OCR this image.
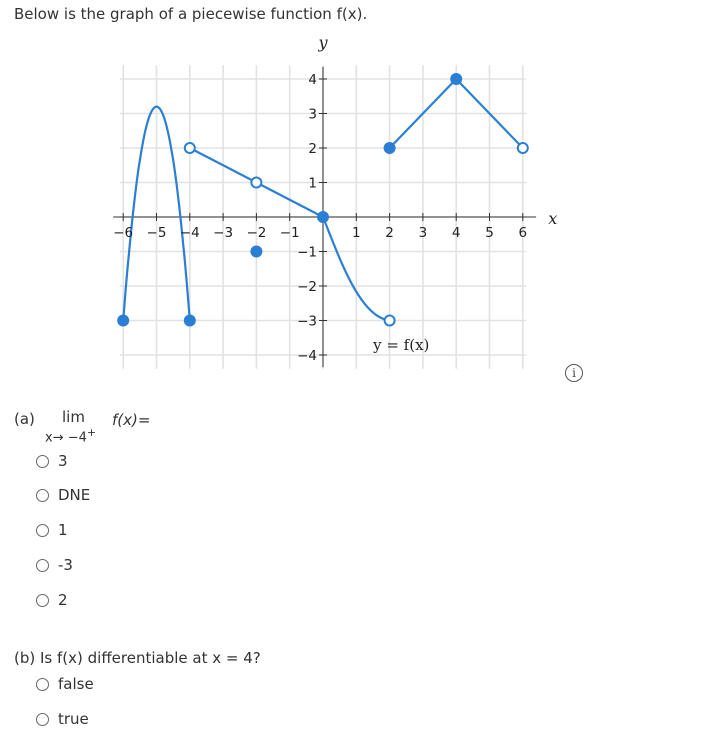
Below is the graph of a piecewise function f(x).
−6 −5 −4 −3 −2 −1	1 2 3 4 5 6
1
2
3
4
−1
−2
−3
−4
x
y
y = f(x)
i
(a) lim
x→ −4+
f(x)=
3
DNE
1
-3
2
(b) Is f(x) differentiable at x = 4?
false
true
